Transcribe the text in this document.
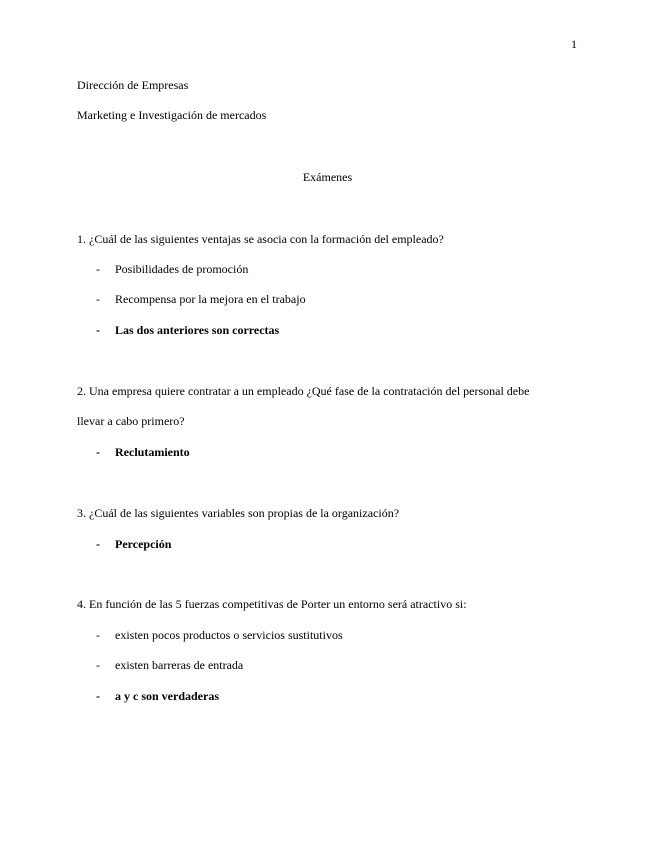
1
Dirección de Empresas
Marketing e Investigación de mercados
Exámenes
1. ¿Cuál de las siguientes ventajas se asocia con la formación del empleado?
- Posibilidades de promoción
- Recompensa por la mejora en el trabajo
- Las dos anteriores son correctas
2. Una empresa quiere contratar a un empleado ¿Qué fase de la contratación del personal debe
llevar a cabo primero?
- Reclutamiento
3. ¿Cuál de las siguientes variables son propias de la organización?
- Percepción
4. En función de las 5 fuerzas competitivas de Porter un entorno será atractivo si:
- existen pocos productos o servicios sustitutivos
- existen barreras de entrada
- a y c son verdaderas
